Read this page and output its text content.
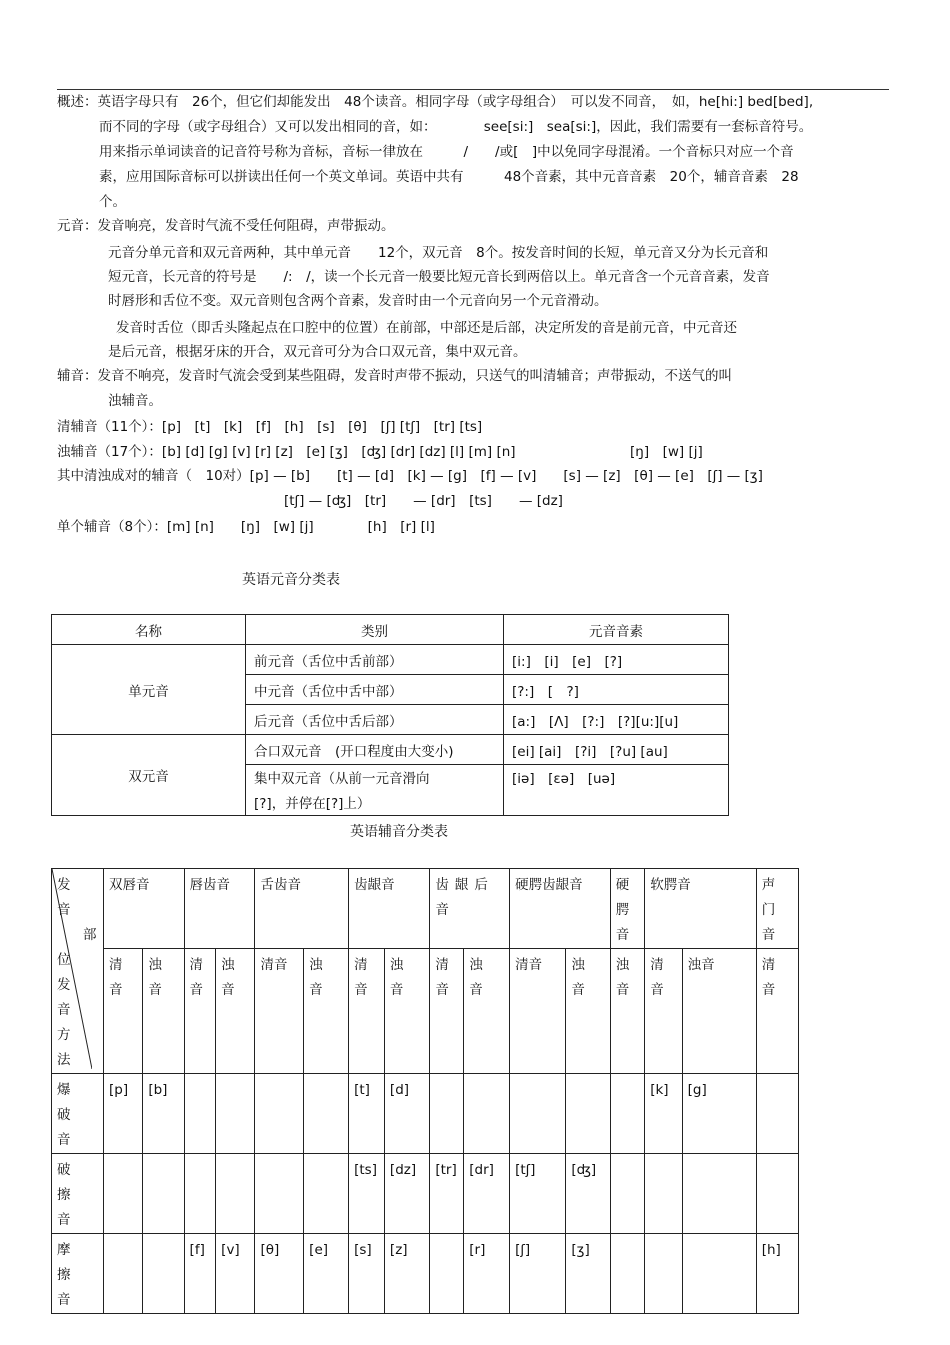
概述：英语字母只有　26个，但它们却能发出　48个读音。相同字母（或字母组合）　可以发不同音，　如，he[hi:] bed[bed],
而不同的字母（或字母组合）又可以发出相同的音，如：　　　　see[si:]　sea[si:]，因此，我们需要有一套标音符号。
用来指示单词读音的记音符号称为音标，音标一律放在　　　/　　/或[　]中以免同字母混淆。一个音标只对应一个音
素，应用国际音标可以拼读出任何一个英文单词。英语中共有　　　48个音素，其中元音音素　20个，辅音音素　28
个。
元音：发音响亮，发音时气流不受任何阻碍，声带振动。
元音分单元音和双元音两种，其中单元音　　12个，双元音　8个。按发音时间的长短，单元音又分为长元音和
短元音，长元音的符号是　　/:　/，读一个长元音一般要比短元音长到两倍以上。单元音含一个元音音素，发音
时唇形和舌位不变。双元音则包含两个音素，发音时由一个元音向另一个元音滑动。
发音时舌位（即舌头隆起点在口腔中的位置）在前部，中部还是后部，决定所发的音是前元音，中元音还
是后元音，根据牙床的开合，双元音可分为合口双元音，集中双元音。
辅音：发音不响亮，发音时气流会受到某些阻碍，发音时声带不振动，只送气的叫清辅音；声带振动，不送气的叫
浊辅音。
清辅音（11个）：[p]　[t]　[k]　[f]　[h]　[s]　[θ]　[ʃ] [tʃ]　[tr] [ts]
浊辅音（17个）：[b] [d] [g] [v] [r] [z]　[e] [ʒ]　[ʤ] [dr] [dz] [l] [m] [n]	[ŋ]　[w] [j]
其中清浊成对的辅音（　10对）[p] — [b]　　[t] — [d]　[k] — [g]　[f] — [v]　　[s] — [z]　[θ] — [e]　[ʃ] — [ʒ]
[tʃ] — [ʤ]　[tr]　　— [dr]　[ts]　　— [dz]
单个辅音（8个）：[m] [n]　　[ŋ]　[w] [j]　　　　[h]　[r] [l]
英语元音分类表
名称	类别	元音音素
单元音	前元音（舌位中舌前部）	[i:]　[i]　[e]　[?]
	中元音（舌位中舌中部）	[?:]　[　?]
	后元音（舌位中舌后部）	[a:]　[Λ]　[?:]　[?][u:][u]
双元音	合口双元音　(开口程度由大变小)	[ei] [ai]　[?i]　[?u] [au]

	集中双元音（从前一元音滑向
[?]，并停在[?]上）	[iə]　[εə]　[uə]
英语辅音分类表
发音
部
位发音方法	双唇音		唇齿音		舌齿音		齿龈音		齿龈后音		硬腭齿龈音		硬腭音	软腭音		声门音

	清音	浊音	清音	浊音	清音	浊音	清音	浊音	清音	浊音	清音	浊音	浊音	清音	浊音	清音

爆破音	[p]	[b]					[t]	[d]						[k]	[g]	

破擦音							[ts]	[dz]	[tr]	[dr]	[tʃ]	[ʤ]				

摩擦音			[f]	[v]	[θ]	[e]	[s]	[z]		[r]	[ʃ]	[ʒ]				[h]
